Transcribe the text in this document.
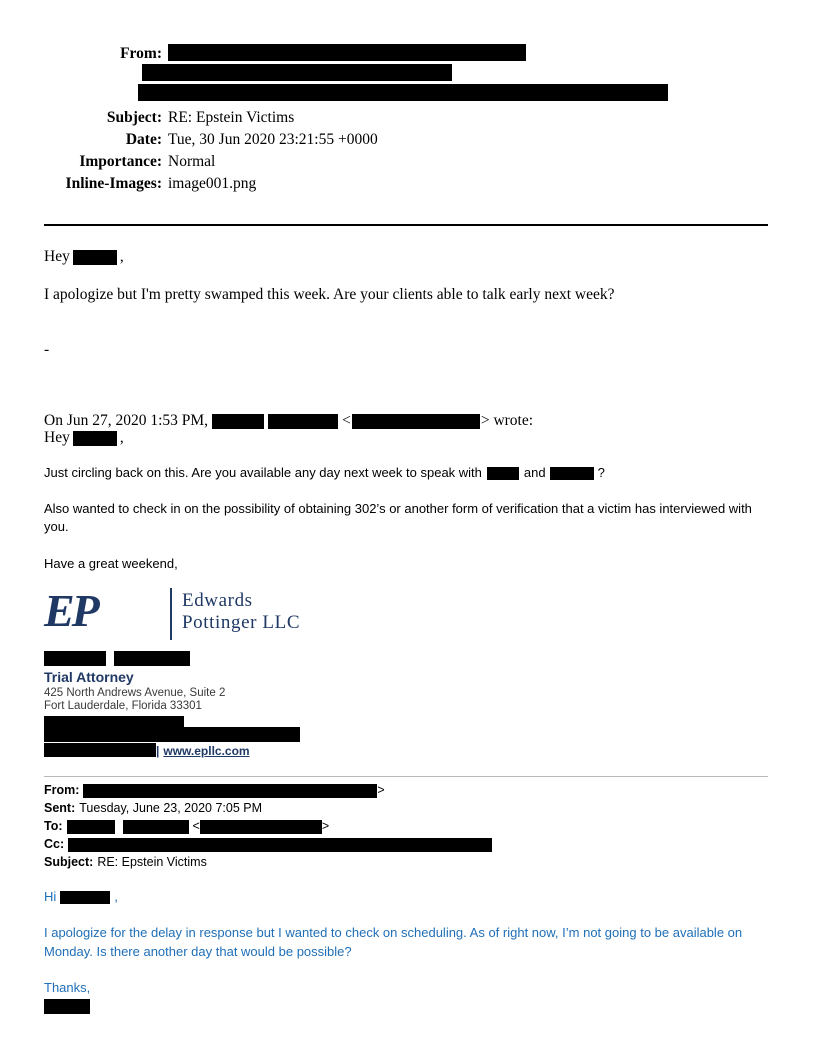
From:

Subject: RE: Epstein Victims
Date: Tue, 30 Jun 2020 23:21:55 +0000
Importance: Normal
Inline-Images: image001.png
Hey	,
I apologize but I'm pretty swamped this week. Are your clients able to talk early next week?
-
On Jun 27, 2020 1:53 PM,	<	> wrote:
Hey	,
Just circling back on this. Are you available any day next week to speak with	and	?
Also wanted to check in on the possibility of obtaining 302’s or another form of verification that a victim has interviewed with you.
Have a great weekend,
EP	Edwards
Pottinger LLC
Trial Attorney
425 North Andrews Avenue, Suite 2
Fort Lauderdale, Florida 33301
| www.epllc.com
From:	>
Sent: Tuesday, June 23, 2020 7:05 PM
To:	<	>
Cc:
Subject: RE: Epstein Victims
Hi	,
I apologize for the delay in response but I wanted to check on scheduling. As of right now, I’m not going to be available on Monday. Is there another day that would be possible?
Thanks,
